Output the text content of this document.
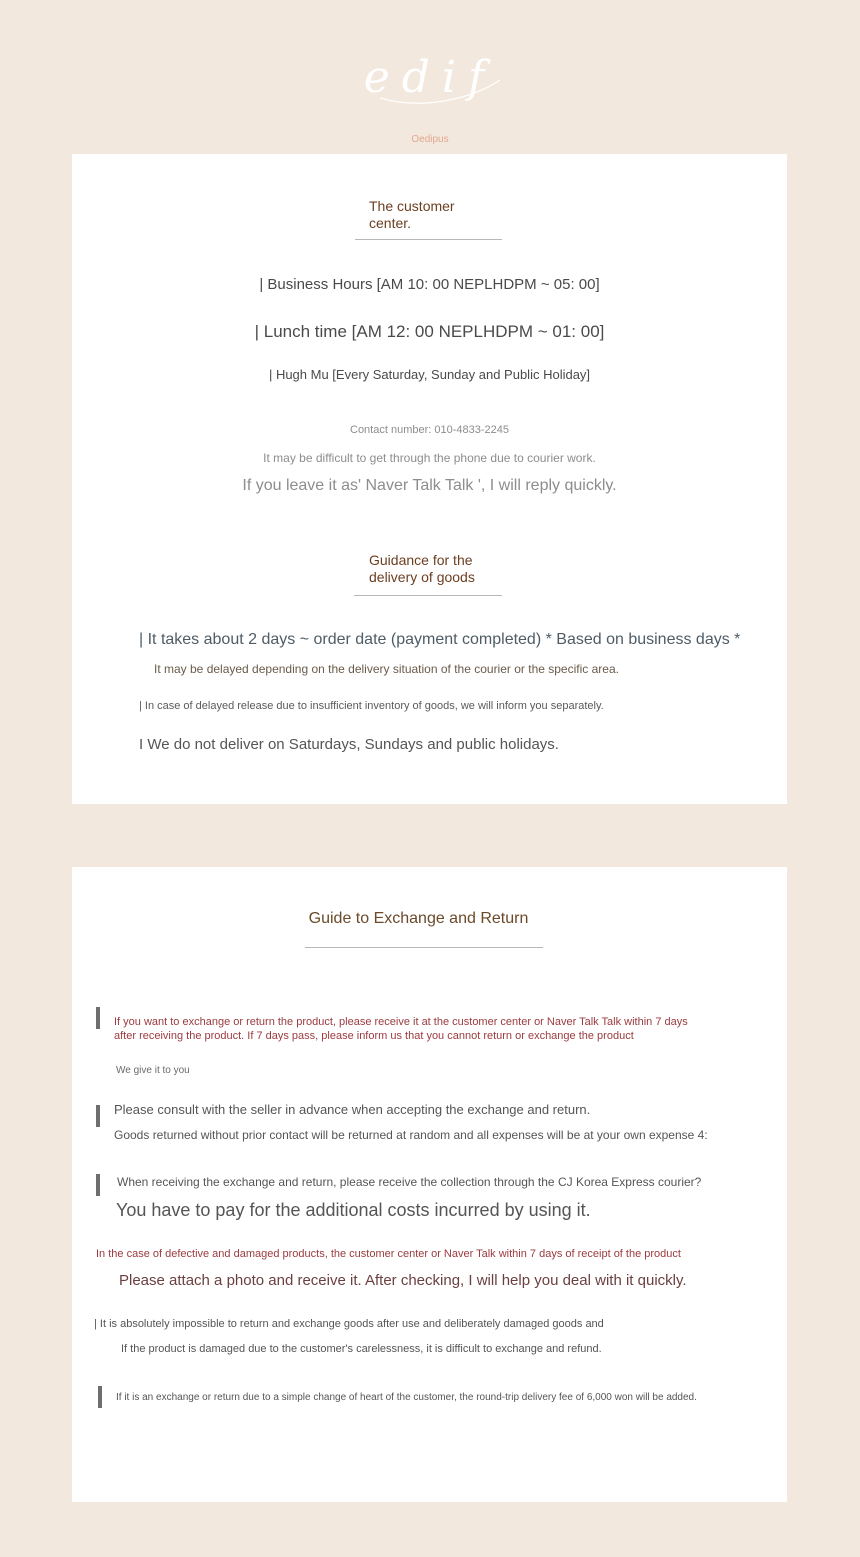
edif
Oedipus
The customer
center.
| Business Hours [AM 10: 00 NEPLHDPM ~ 05: 00]
| Lunch time [AM 12: 00 NEPLHDPM ~ 01: 00]
| Hugh Mu [Every Saturday, Sunday and Public Holiday]
Contact number: 010-4833-2245
It may be difficult to get through the phone due to courier work.
If you leave it as' Naver Talk Talk ', I will reply quickly.
Guidance for the
delivery of goods
| It takes about 2 days ~ order date (payment completed) * Based on business days *
It may be delayed depending on the delivery situation of the courier or the specific area.
| In case of delayed release due to insufficient inventory of goods, we will inform you separately.
I We do not deliver on Saturdays, Sundays and public holidays.
Guide to Exchange and Return
If you want to exchange or return the product, please receive it at the customer center or Naver Talk Talk within 7 days
after receiving the product. If 7 days pass, please inform us that you cannot return or exchange the product
We give it to you
Please consult with the seller in advance when accepting the exchange and return.
Goods returned without prior contact will be returned at random and all expenses will be at your own expense 4:
When receiving the exchange and return, please receive the collection through the CJ Korea Express courier?
You have to pay for the additional costs incurred by using it.
In the case of defective and damaged products, the customer center or Naver Talk within 7 days of receipt of the product
Please attach a photo and receive it. After checking, I will help you deal with it quickly.
| It is absolutely impossible to return and exchange goods after use and deliberately damaged goods and
If the product is damaged due to the customer's carelessness, it is difficult to exchange and refund.
If it is an exchange or return due to a simple change of heart of the customer, the round-trip delivery fee of 6,000 won will be added.
